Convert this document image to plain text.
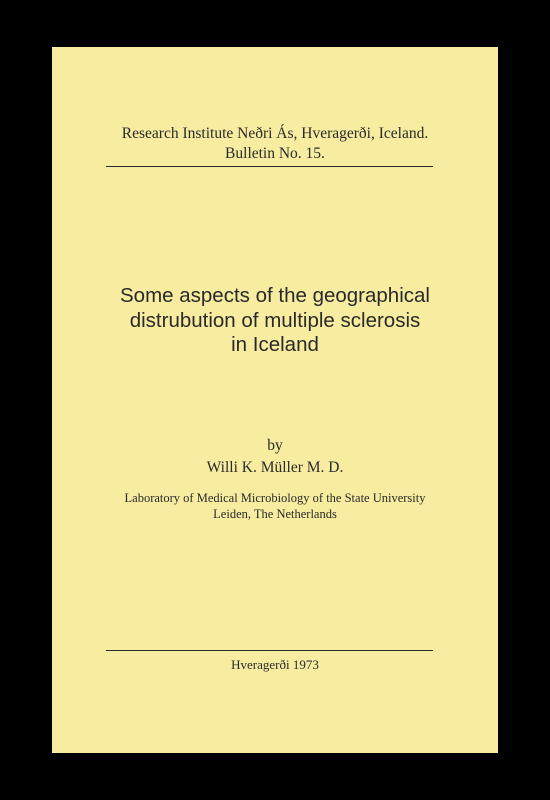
Research Institute Neðri Ás, Hveragerði, Iceland.
Bulletin No. 15.
Some aspects of the geographical
distrubution of multiple sclerosis
in Iceland
by
Willi K. Müller M. D.
Laboratory of Medical Microbiology of the State University
Leiden, The Netherlands
Hveragerði 1973
